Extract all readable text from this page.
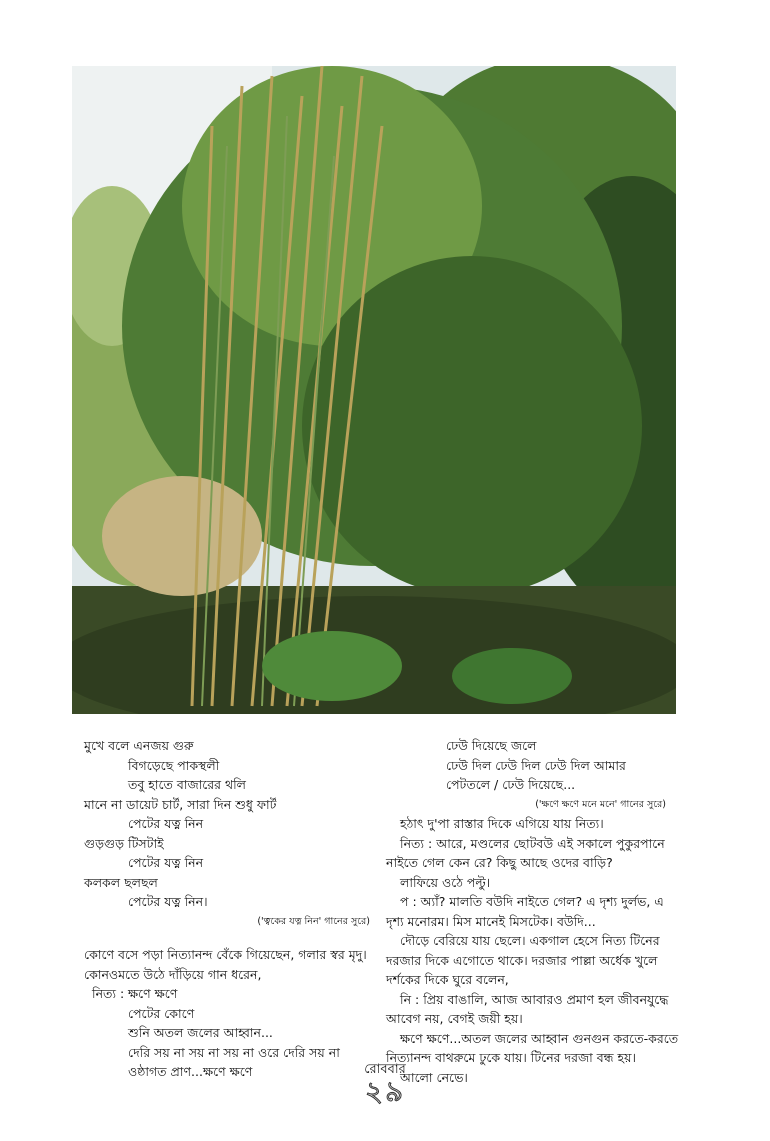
মুখে বলে এনজয় গুরু
বিগড়েছে পাকস্থলী
তবু হাতে বাজারের থলি
মানে না ডায়েট চার্ট, সারা দিন শুধু ফার্ট
পেটের যত্ন নিন
গুড়গুড় টিসটাই
পেটের যত্ন নিন
কলকল ছলছল
পেটের যত্ন নিন।
('ত্বকের যত্ন নিন' গানের সুরে)
কোণে বসে পড়া নিত্যানন্দ বেঁকে গিয়েছেন, গলার স্বর মৃদু।
কোনওমতে উঠে দাঁড়িয়ে গান ধরেন,
নিত্য : ক্ষণে ক্ষণে
পেটের কোণে
শুনি অতল জলের আহ্বান...
দেরি সয় না সয় না সয় না ওরে দেরি সয় না
ওষ্ঠাগত প্রাণ...ক্ষণে ক্ষণে
ঢেউ দিয়েছে জলে
ঢেউ দিল ঢেউ দিল ঢেউ দিল আমার
পেটতলে / ঢেউ দিয়েছে...
('ক্ষণে ক্ষণে মনে মনে' গানের সুরে)
হঠাৎ দু'পা রাস্তার দিকে এগিয়ে যায় নিত্য।
নিত্য : আরে, মণ্ডলের ছোটবউ এই সকালে পুকুরপানে
নাইতে গেল কেন রে? কিছু আছে ওদের বাড়ি?
লাফিয়ে ওঠে পল্টু।
প : অ্যাঁ? মালতি বউদি নাইতে গেল? এ দৃশ্য দুর্লভ, এ
দৃশ্য মনোরম। মিস মানেই মিসটেক। বউদি...
দৌড়ে বেরিয়ে যায় ছেলে। একগাল হেসে নিত্য টিনের
দরজার দিকে এগোতে থাকে। দরজার পাল্লা অর্ধেক খুলে
দর্শকের দিকে ঘুরে বলেন,
নি : প্রিয় বাঙালি, আজ আবারও প্রমাণ হল জীবনযুদ্ধে
আবেগ নয়, বেগই জয়ী হয়।
ক্ষণে ক্ষণে...অতল জলের আহ্বান গুনগুন করতে-করতে
নিত্যানন্দ বাথরুমে ঢুকে যায়। টিনের দরজা বন্ধ হয়।
আলো নেভে।
রোববার
২৯
